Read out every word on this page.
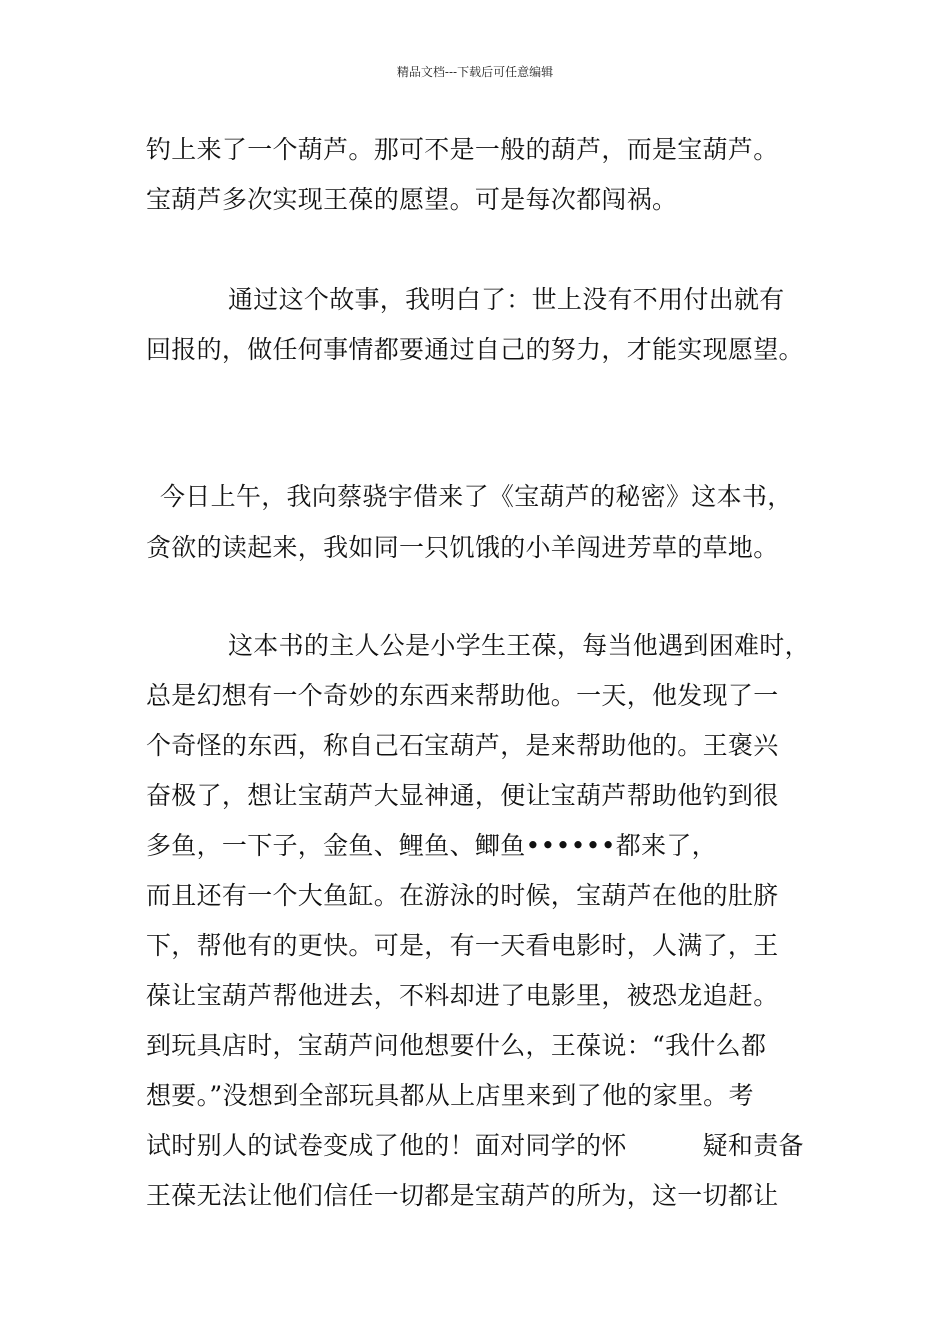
精品文档---下载后可任意编辑
钓上来了一个葫芦。那可不是一般的葫芦，而是宝葫芦。
宝葫芦多次实现王葆的愿望。可是每次都闯祸。
通过这个故事，我明白了：世上没有不用付出就有
回报的，做任何事情都要通过自己的努力，才能实现愿望。
今日上午，我向蔡骁宇借来了《宝葫芦的秘密》这本书，
贪欲的读起来，我如同一只饥饿的小羊闯进芳草的草地。
这本书的主人公是小学生王葆，每当他遇到困难时，
总是幻想有一个奇妙的东西来帮助他。一天，他发现了一
个奇怪的东西，称自己石宝葫芦，是来帮助他的。王褒兴
奋极了，想让宝葫芦大显神通，便让宝葫芦帮助他钓到很
多鱼，一下子，金鱼、鲤鱼、鲫鱼••••••都来了，
而且还有一个大鱼缸。在游泳的时候，宝葫芦在他的肚脐
下，帮他有的更快。可是，有一天看电影时，人满了，王
葆让宝葫芦帮他进去，不料却进了电影里，被恐龙追赶。
到玩具店时，宝葫芦问他想要什么，王葆说：“我什么都
想要。”没想到全部玩具都从上店里来到了他的家里。考
试时别人的试卷变成了他的！面对同学的怀　　　疑和责备
王葆无法让他们信任一切都是宝葫芦的所为，这一切都让
